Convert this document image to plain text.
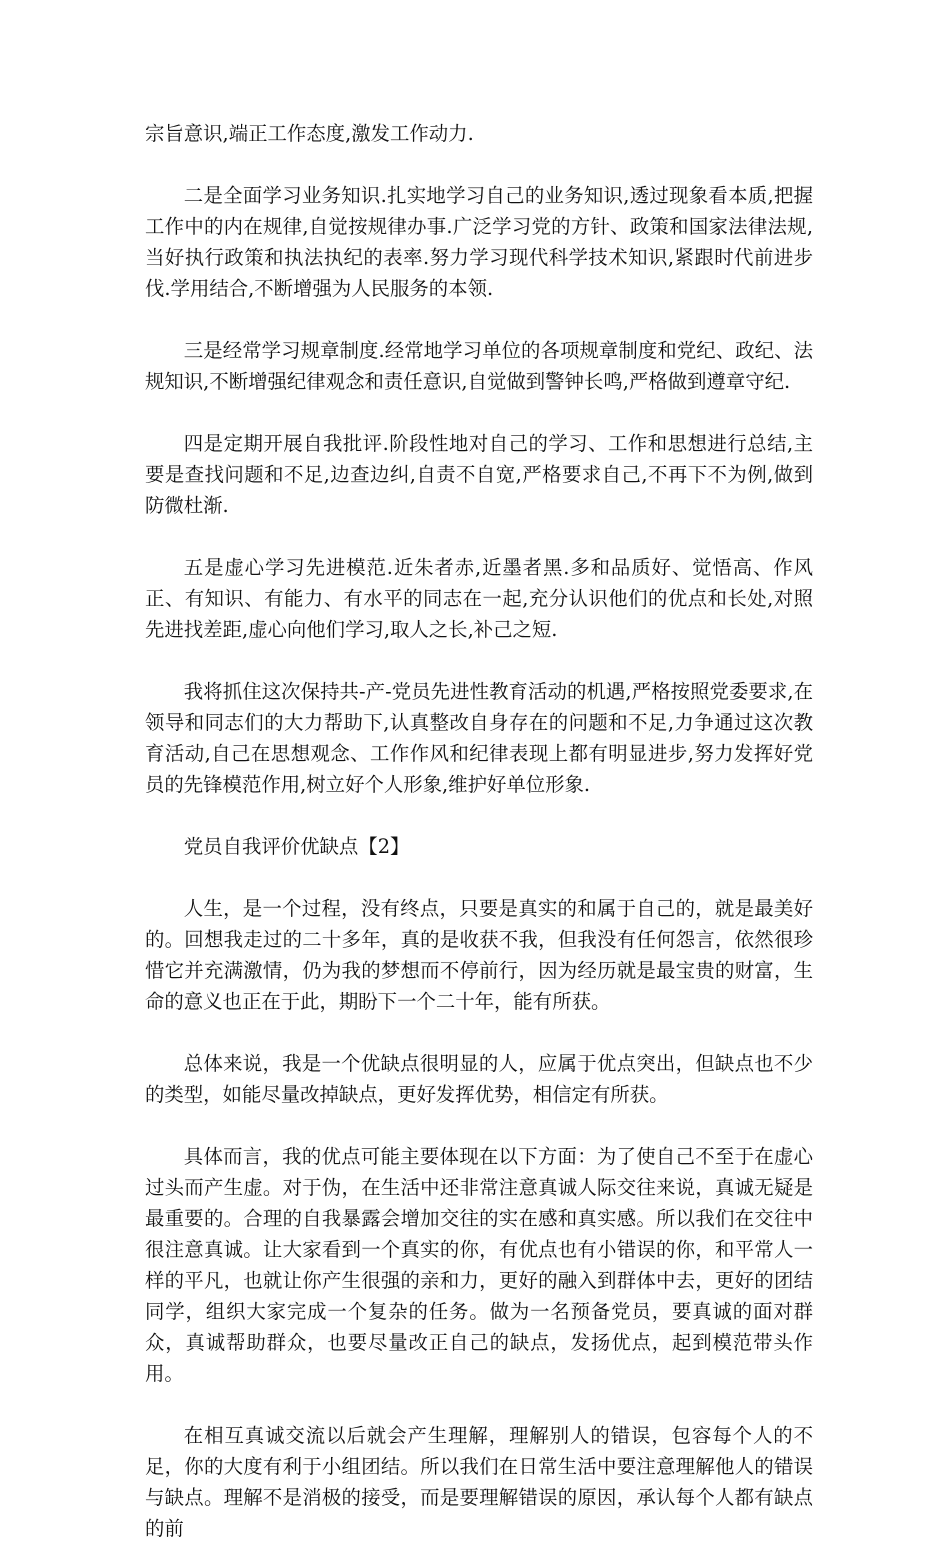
宗旨意识,端正工作态度,激发工作动力.

二是全面学习业务知识.扎实地学习自己的业务知识,透过现象看本质,把握工作中的内在规律,自觉按规律办事.广泛学习党的方针、政策和国家法律法规,当好执行政策和执法执纪的表率.努力学习现代科学技术知识,紧跟时代前进步伐.学用结合,不断增强为人民服务的本领.

三是经常学习规章制度.经常地学习单位的各项规章制度和党纪、政纪、法规知识,不断增强纪律观念和责任意识,自觉做到警钟长鸣,严格做到遵章守纪.

四是定期开展自我批评.阶段性地对自己的学习、工作和思想进行总结,主要是查找问题和不足,边查边纠,自责不自宽,严格要求自己,不再下不为例,做到防微杜渐.

五是虚心学习先进模范.近朱者赤,近墨者黑.多和品质好、觉悟高、作风正、有知识、有能力、有水平的同志在一起,充分认识他们的优点和长处,对照先进找差距,虚心向他们学习,取人之长,补己之短.

我将抓住这次保持共-产-党员先进性教育活动的机遇,严格按照党委要求,在领导和同志们的大力帮助下,认真整改自身存在的问题和不足,力争通过这次教育活动,自己在思想观念、工作作风和纪律表现上都有明显进步,努力发挥好党员的先锋模范作用,树立好个人形象,维护好单位形象.

党员自我评价优缺点【2】

人生，是一个过程，没有终点，只要是真实的和属于自己的，就是最美好的。回想我走过的二十多年，真的是收获不我，但我没有任何怨言，依然很珍惜它并充满激情，仍为我的梦想而不停前行，因为经历就是最宝贵的财富，生命的意义也正在于此，期盼下一个二十年，能有所获。

总体来说，我是一个优缺点很明显的人，应属于优点突出，但缺点也不少的类型，如能尽量改掉缺点，更好发挥优势，相信定有所获。

具体而言，我的优点可能主要体现在以下方面：为了使自己不至于在虚心过头而产生虚。对于伪，在生活中还非常注意真诚人际交往来说，真诚无疑是最重要的。合理的自我暴露会增加交往的实在感和真实感。所以我们在交往中很注意真诚。让大家看到一个真实的你，有优点也有小错误的你，和平常人一样的平凡，也就让你产生很强的亲和力，更好的融入到群体中去，更好的团结同学，组织大家完成一个复杂的任务。做为一名预备党员，要真诚的面对群众，真诚帮助群众，也要尽量改正自己的缺点，发扬优点，起到模范带头作用。

在相互真诚交流以后就会产生理解，理解别人的错误，包容每个人的不足，你的大度有利于小组团结。所以我们在日常生活中要注意理解他人的错误与缺点。理解不是消极的接受，而是要理解错误的原因，承认每个人都有缺点的前
